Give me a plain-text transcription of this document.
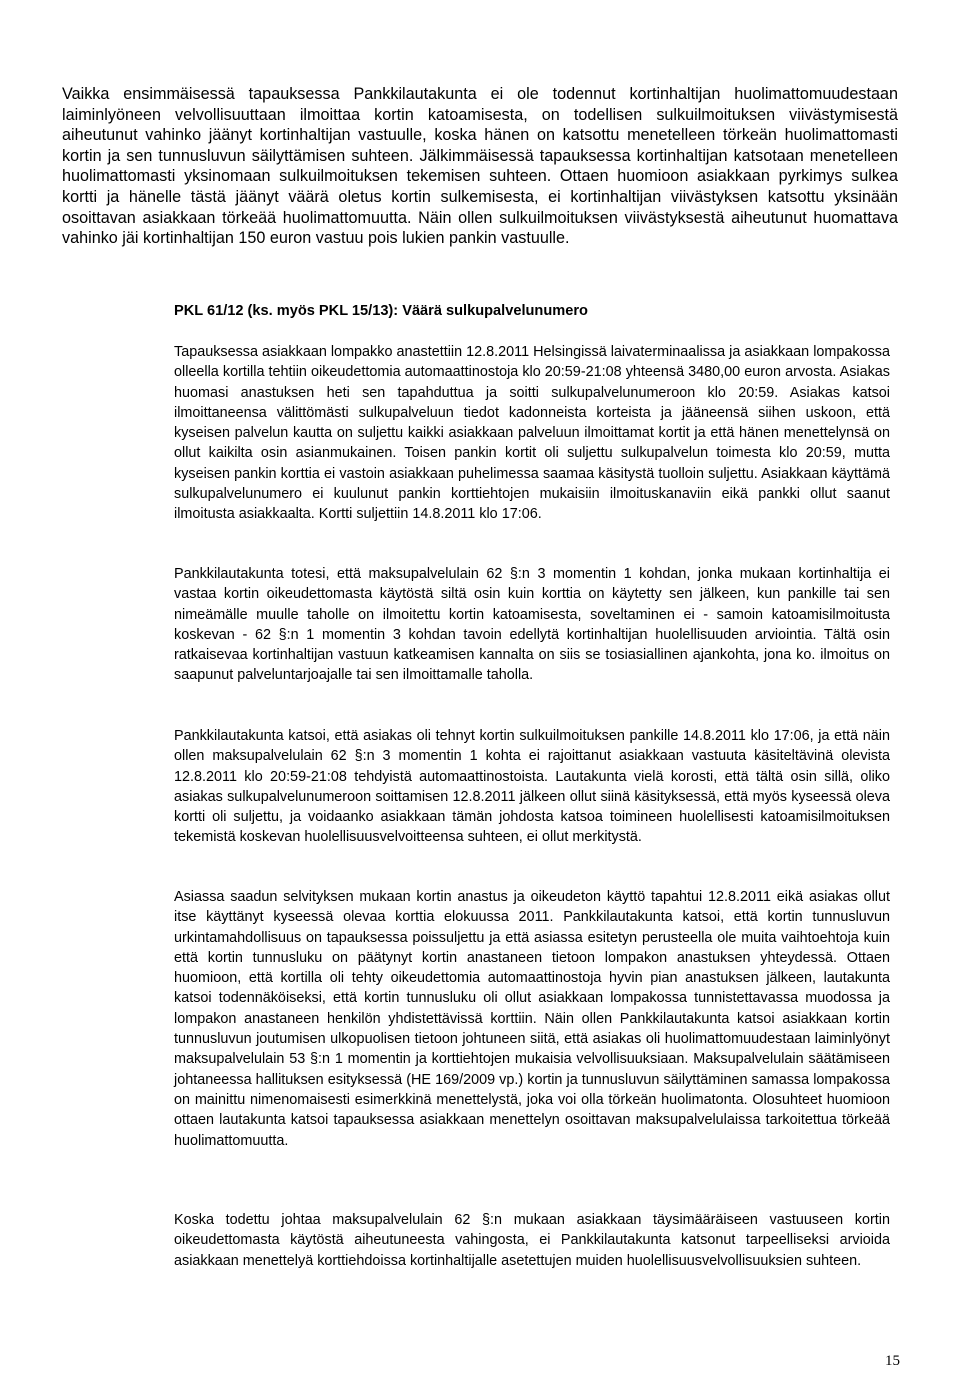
Vaikka ensimmäisessä tapauksessa Pankkilautakunta ei ole todennut kortinhaltijan huolimattomuudestaan laiminlyöneen velvollisuuttaan ilmoittaa kortin katoamisesta, on todellisen sulkuilmoituksen viivästymisestä aiheutunut vahinko jäänyt kortinhaltijan vastuulle, koska hänen on katsottu menetelleen törkeän huolimattomasti kortin ja sen tunnusluvun säilyttämisen suhteen. Jälkimmäisessä tapauksessa kortinhaltijan katsotaan menetelleen huolimattomasti yksinomaan sulkuilmoituksen tekemisen suhteen. Ottaen huomioon asiakkaan pyrkimys sulkea kortti ja hänelle tästä jäänyt väärä oletus kortin sulkemisesta, ei kortinhaltijan viivästyksen katsottu yksinään osoittavan asiakkaan törkeää huolimattomuutta. Näin ollen sulkuilmoituksen viivästyksestä aiheutunut huomattava vahinko jäi kortinhaltijan 150 euron vastuu pois lukien pankin vastuulle.

PKL 61/12 (ks. myös PKL 15/13): Väärä sulkupalvelunumero

Tapauksessa asiakkaan lompakko anastettiin 12.8.2011 Helsingissä laivaterminaalissa ja asiakkaan lompakossa olleella kortilla tehtiin oikeudettomia automaattinostoja klo 20:59-21:08 yhteensä 3480,00 euron arvosta. Asiakas huomasi anastuksen heti sen tapahduttua ja soitti sulkupalvelunumeroon klo 20:59. Asiakas katsoi ilmoittaneensa välittömästi sulkupalveluun tiedot kadonneista korteista ja jääneensä siihen uskoon, että kyseisen palvelun kautta on suljettu kaikki asiakkaan palveluun ilmoittamat kortit ja että hänen menettelynsä on ollut kaikilta osin asianmukainen. Toisen pankin kortit oli suljettu sulkupalvelun toimesta klo 20:59, mutta kyseisen pankin korttia ei vastoin asiakkaan puhelimessa saamaa käsitystä tuolloin suljettu. Asiakkaan käyttämä sulkupalvelunumero ei kuulunut pankin korttiehtojen mukaisiin ilmoituskanaviin eikä pankki ollut saanut ilmoitusta asiakkaalta. Kortti suljettiin 14.8.2011 klo 17:06.

Pankkilautakunta totesi, että maksupalvelulain 62 §:n 3 momentin 1 kohdan, jonka mukaan kortinhaltija ei vastaa kortin oikeudettomasta käytöstä siltä osin kuin korttia on käytetty sen jälkeen, kun pankille tai sen nimeämälle muulle taholle on ilmoitettu kortin katoamisesta, soveltaminen ei - samoin katoamisilmoitusta koskevan - 62 §:n 1 momentin 3 kohdan tavoin edellytä kortinhaltijan huolellisuuden arviointia. Tältä osin ratkaisevaa kortinhaltijan vastuun katkeamisen kannalta on siis se tosiasiallinen ajankohta, jona ko. ilmoitus on saapunut palveluntarjoajalle tai sen ilmoittamalle taholla.

Pankkilautakunta katsoi, että asiakas oli tehnyt kortin sulkuilmoituksen pankille 14.8.2011 klo 17:06, ja että näin ollen maksupalvelulain 62 §:n 3 momentin 1 kohta ei rajoittanut asiakkaan vastuuta käsiteltävinä olevista 12.8.2011 klo 20:59-21:08 tehdyistä automaattinostoista. Lautakunta vielä korosti, että tältä osin sillä, oliko asiakas sulkupalvelunumeroon soittamisen 12.8.2011 jälkeen ollut siinä käsityksessä, että myös kyseessä oleva kortti oli suljettu, ja voidaanko asiakkaan tämän johdosta katsoa toimineen huolellisesti katoamisilmoituksen tekemistä koskevan huolellisuusvelvoitteensa suhteen, ei ollut merkitystä.

Asiassa saadun selvityksen mukaan kortin anastus ja oikeudeton käyttö tapahtui 12.8.2011 eikä asiakas ollut itse käyttänyt kyseessä olevaa korttia elokuussa 2011. Pankkilautakunta katsoi, että kortin tunnusluvun urkintamahdollisuus on tapauksessa poissuljettu ja että asiassa esitetyn perusteella ole muita vaihtoehtoja kuin että kortin tunnusluku on päätynyt kortin anastaneen tietoon lompakon anastuksen yhteydessä. Ottaen huomioon, että kortilla oli tehty oikeudettomia automaattinostoja hyvin pian anastuksen jälkeen, lautakunta katsoi todennäköiseksi, että kortin tunnusluku oli ollut asiakkaan lompakossa tunnistettavassa muodossa ja lompakon anastaneen henkilön yhdistettävissä korttiin. Näin ollen Pankkilautakunta katsoi asiakkaan kortin tunnusluvun joutumisen ulkopuolisen tietoon johtuneen siitä, että asiakas oli huolimattomuudestaan laiminlyönyt maksupalvelulain 53 §:n 1 momentin ja korttiehtojen mukaisia velvollisuuksiaan. Maksupalvelulain säätämiseen johtaneessa hallituksen esityksessä (HE 169/2009 vp.) kortin ja tunnusluvun säilyttäminen samassa lompakossa on mainittu nimenomaisesti esimerkkinä menettelystä, joka voi olla törkeän huolimatonta. Olosuhteet huomioon ottaen lautakunta katsoi tapauksessa asiakkaan menettelyn osoittavan maksupalvelulaissa tarkoitettua törkeää huolimattomuutta.

Koska todettu johtaa maksupalvelulain 62 §:n mukaan asiakkaan täysimääräiseen vastuuseen kortin oikeudettomasta käytöstä aiheutuneesta vahingosta, ei Pankkilautakunta katsonut tarpeelliseksi arvioida asiakkaan menettelyä korttiehdoissa kortinhaltijalle asetettujen muiden huolellisuusvelvollisuuksien suhteen.

15
